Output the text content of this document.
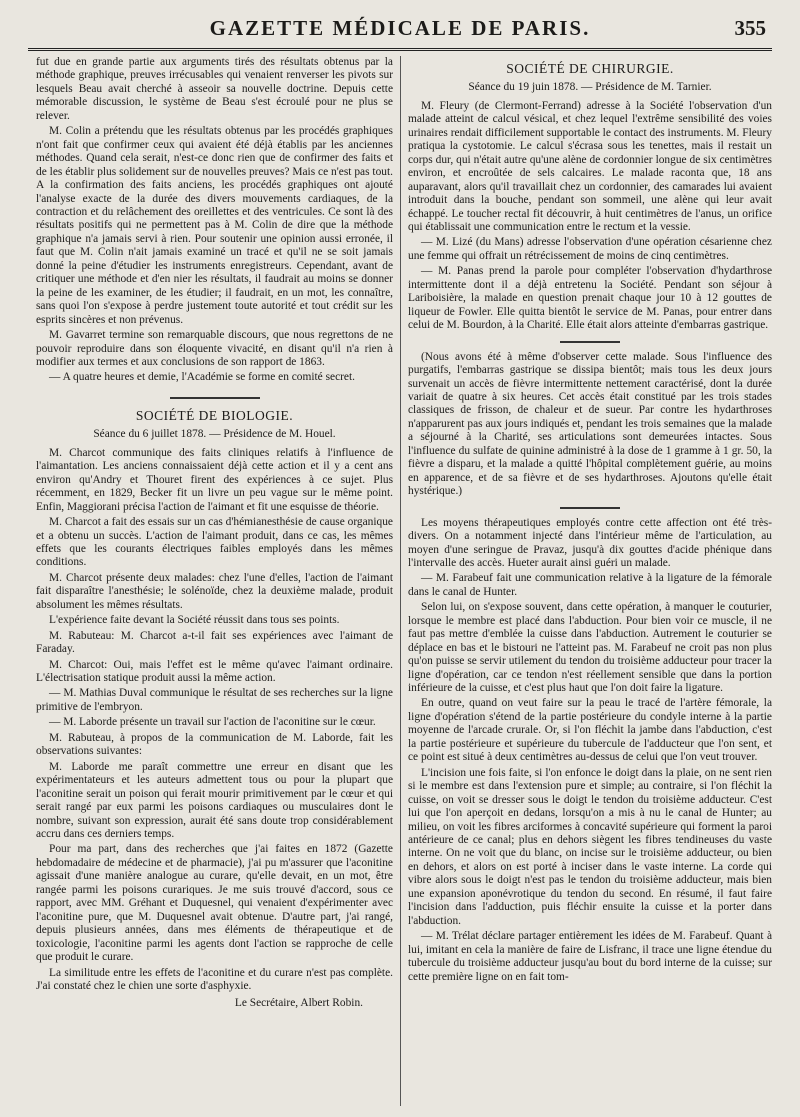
GAZETTE MÉDICALE DE PARIS.	355

fut due en grande partie aux arguments tirés des résultats obtenus par la méthode graphique, preuves irrécusables qui venaient renverser les pivots sur lesquels Beau avait cherché à asseoir sa nouvelle doctrine. Depuis cette mémorable discussion, le système de Beau s'est écroulé pour ne plus se relever.

M. Colin a prétendu que les résultats obtenus par les procédés graphiques n'ont fait que confirmer ceux qui avaient été déjà établis par les anciennes méthodes. Quand cela serait, n'est-ce donc rien que de confirmer des faits et de les établir plus solidement sur de nouvelles preuves? Mais ce n'est pas tout. A la confirmation des faits anciens, les procédés graphiques ont ajouté l'analyse exacte de la durée des divers mouvements cardiaques, de la contraction et du relâchement des oreillettes et des ventricules. Ce sont là des résultats positifs qui ne permettent pas à M. Colin de dire que la méthode graphique n'a jamais servi à rien. Pour soutenir une opinion aussi erronée, il faut que M. Colin n'ait jamais examiné un tracé et qu'il ne se soit jamais donné la peine d'étudier les instruments enregistreurs. Cependant, avant de critiquer une méthode et d'en nier les résultats, il faudrait au moins se donner la peine de les examiner, de les étudier; il faudrait, en un mot, les connaître, sans quoi l'on s'expose à perdre justement toute autorité et tout crédit sur les esprits sincères et non prévenus.

M. Gavarret termine son remarquable discours, que nous regrettons de ne pouvoir reproduire dans son éloquente vivacité, en disant qu'il n'a rien à modifier aux termes et aux conclusions de son rapport de 1863.

— A quatre heures et demie, l'Académie se forme en comité secret.

SOCIÉTÉ DE BIOLOGIE.
Séance du 6 juillet 1878. — Présidence de M. Houel.

M. Charcot communique des faits cliniques relatifs à l'influence de l'aimantation. Les anciens connaissaient déjà cette action et il y a cent ans environ qu'Andry et Thouret firent des expériences à ce sujet. Plus récemment, en 1829, Becker fit un livre un peu vague sur le même point. Enfin, Maggiorani précisa l'action de l'aimant et fit une esquisse de théorie.

M. Charcot a fait des essais sur un cas d'hémianesthésie de cause organique et a obtenu un succès. L'action de l'aimant produit, dans ce cas, les mêmes effets que les courants électriques faibles employés dans les mêmes conditions.

M. Charcot présente deux malades: chez l'une d'elles, l'action de l'aimant fait disparaître l'anesthésie; le solénoïde, chez la deuxième malade, produit absolument les mêmes résultats.

L'expérience faite devant la Société réussit dans tous ses points.

M. Rabuteau: M. Charcot a-t-il fait ses expériences avec l'aimant de Faraday.

M. Charcot: Oui, mais l'effet est le même qu'avec l'aimant ordinaire. L'électrisation statique produit aussi la même action.

— M. Mathias Duval communique le résultat de ses recherches sur la ligne primitive de l'embryon.

— M. Laborde présente un travail sur l'action de l'aconitine sur le cœur.

M. Rabuteau, à propos de la communication de M. Laborde, fait les observations suivantes:

M. Laborde me paraît commettre une erreur en disant que les expérimentateurs et les auteurs admettent tous ou pour la plupart que l'aconitine serait un poison qui ferait mourir primitivement par le cœur et qui serait rangé par eux parmi les poisons cardiaques ou musculaires dont le nombre, suivant son expression, aurait été sans doute trop considérablement accru dans ces derniers temps.

Pour ma part, dans des recherches que j'ai faites en 1872 (Gazette hebdomadaire de médecine et de pharmacie), j'ai pu m'assurer que l'aconitine agissait d'une manière analogue au curare, qu'elle devait, en un mot, être rangée parmi les poisons curariques. Je me suis trouvé d'accord, sous ce rapport, avec MM. Gréhant et Duquesnel, qui venaient d'expérimenter avec l'aconitine pure, que M. Duquesnel avait obtenue. D'autre part, j'ai rangé, depuis plusieurs années, dans mes éléments de thérapeutique et de toxicologie, l'aconitine parmi les agents dont l'action se rapproche de celle que produit le curare.

La similitude entre les effets de l'aconitine et du curare n'est pas complète. J'ai constaté chez le chien une sorte d'asphyxie.

Le Secrétaire, Albert Robin.
SOCIÉTÉ DE CHIRURGIE.
Séance du 19 juin 1878. — Présidence de M. Tarnier.

M. Fleury (de Clermont-Ferrand) adresse à la Société l'observation d'un malade atteint de calcul vésical, et chez lequel l'extrême sensibilité des voies urinaires rendait difficilement supportable le contact des instruments. M. Fleury pratiqua la cystotomie. Le calcul s'écrasa sous les tenettes, mais il restait un corps dur, qui n'était autre qu'une alène de cordonnier longue de six centimètres environ, et encroûtée de sels calcaires. Le malade raconta que, 18 ans auparavant, alors qu'il travaillait chez un cordonnier, des camarades lui avaient introduit dans la bouche, pendant son sommeil, une alène qui leur avait échappé. Le toucher rectal fit découvrir, à huit centimètres de l'anus, un orifice qui établissait une communication entre le rectum et la vessie.

— M. Lizé (du Mans) adresse l'observation d'une opération césarienne chez une femme qui offrait un rétrécissement de moins de cinq centimètres.

— M. Panas prend la parole pour compléter l'observation d'hydarthrose intermittente dont il a déjà entretenu la Société. Pendant son séjour à Lariboisière, la malade en question prenait chaque jour 10 à 12 gouttes de liqueur de Fowler. Elle quitta bientôt le service de M. Panas, pour entrer dans celui de M. Bourdon, à la Charité. Elle était alors atteinte d'embarras gastrique.

(Nous avons été à même d'observer cette malade. Sous l'influence des purgatifs, l'embarras gastrique se dissipa bientôt; mais tous les deux jours survenait un accès de fièvre intermittente nettement caractérisé, dont la durée variait de quatre à six heures. Cet accès était constitué par les trois stades classiques de frisson, de chaleur et de sueur. Par contre les hydarthroses n'apparurent pas aux jours indiqués et, pendant les trois semaines que la malade a séjourné à la Charité, ses articulations sont demeurées intactes. Sous l'influence du sulfate de quinine administré à la dose de 1 gramme à 1 gr. 50, la fièvre a disparu, et la malade a quitté l'hôpital complètement guérie, au moins en apparence, et de sa fièvre et de ses hydarthroses. Ajoutons qu'elle était hystérique.)

Les moyens thérapeutiques employés contre cette affection ont été très-divers. On a notamment injecté dans l'intérieur même de l'articulation, au moyen d'une seringue de Pravaz, jusqu'à dix gouttes d'acide phénique dans l'intervalle des accès. Hueter aurait ainsi guéri un malade.

— M. Farabeuf fait une communication relative à la ligature de la fémorale dans le canal de Hunter.

Selon lui, on s'expose souvent, dans cette opération, à manquer le couturier, lorsque le membre est placé dans l'abduction. Pour bien voir ce muscle, il ne faut pas mettre d'emblée la cuisse dans l'abduction. Autrement le couturier se déplace en bas et le bistouri ne l'atteint pas. M. Farabeuf ne croit pas non plus qu'on puisse se servir utilement du tendon du troisième adducteur pour tracer la ligne d'opération, car ce tendon n'est réellement sensible que dans la portion inférieure de la cuisse, et c'est plus haut que l'on doit faire la ligature.

En outre, quand on veut faire sur la peau le tracé de l'artère fémorale, la ligne d'opération s'étend de la partie postérieure du condyle interne à la partie moyenne de l'arcade crurale. Or, si l'on fléchit la jambe dans l'abduction, c'est la partie postérieure et supérieure du tubercule de l'adducteur que l'on sent, et ce point est situé à deux centimètres au-dessus de celui que l'on veut trouver.

L'incision une fois faite, si l'on enfonce le doigt dans la plaie, on ne sent rien si le membre est dans l'extension pure et simple; au contraire, si l'on fléchit la cuisse, on voit se dresser sous le doigt le tendon du troisième adducteur. C'est lui que l'on aperçoit en dedans, lorsqu'on a mis à nu le canal de Hunter; au milieu, on voit les fibres arciformes à concavité supérieure qui forment la paroi antérieure de ce canal; plus en dehors siègent les fibres tendineuses du vaste interne. On ne voit que du blanc, on incise sur le troisième adducteur, ou bien en dehors, et alors on est porté à inciser dans le vaste interne. La corde qui vibre alors sous le doigt n'est pas le tendon du troisième adducteur, mais bien une expansion aponévrotique du tendon du second. En résumé, il faut faire l'incision dans l'adduction, puis fléchir ensuite la cuisse et la porter dans l'abduction.

— M. Trélat déclare partager entièrement les idées de M. Farabeuf. Quant à lui, imitant en cela la manière de faire de Lisfranc, il trace une ligne étendue du tubercule du troisième adducteur jusqu'au bout du bord interne de la cuisse; sur cette première ligne on en fait tom-
